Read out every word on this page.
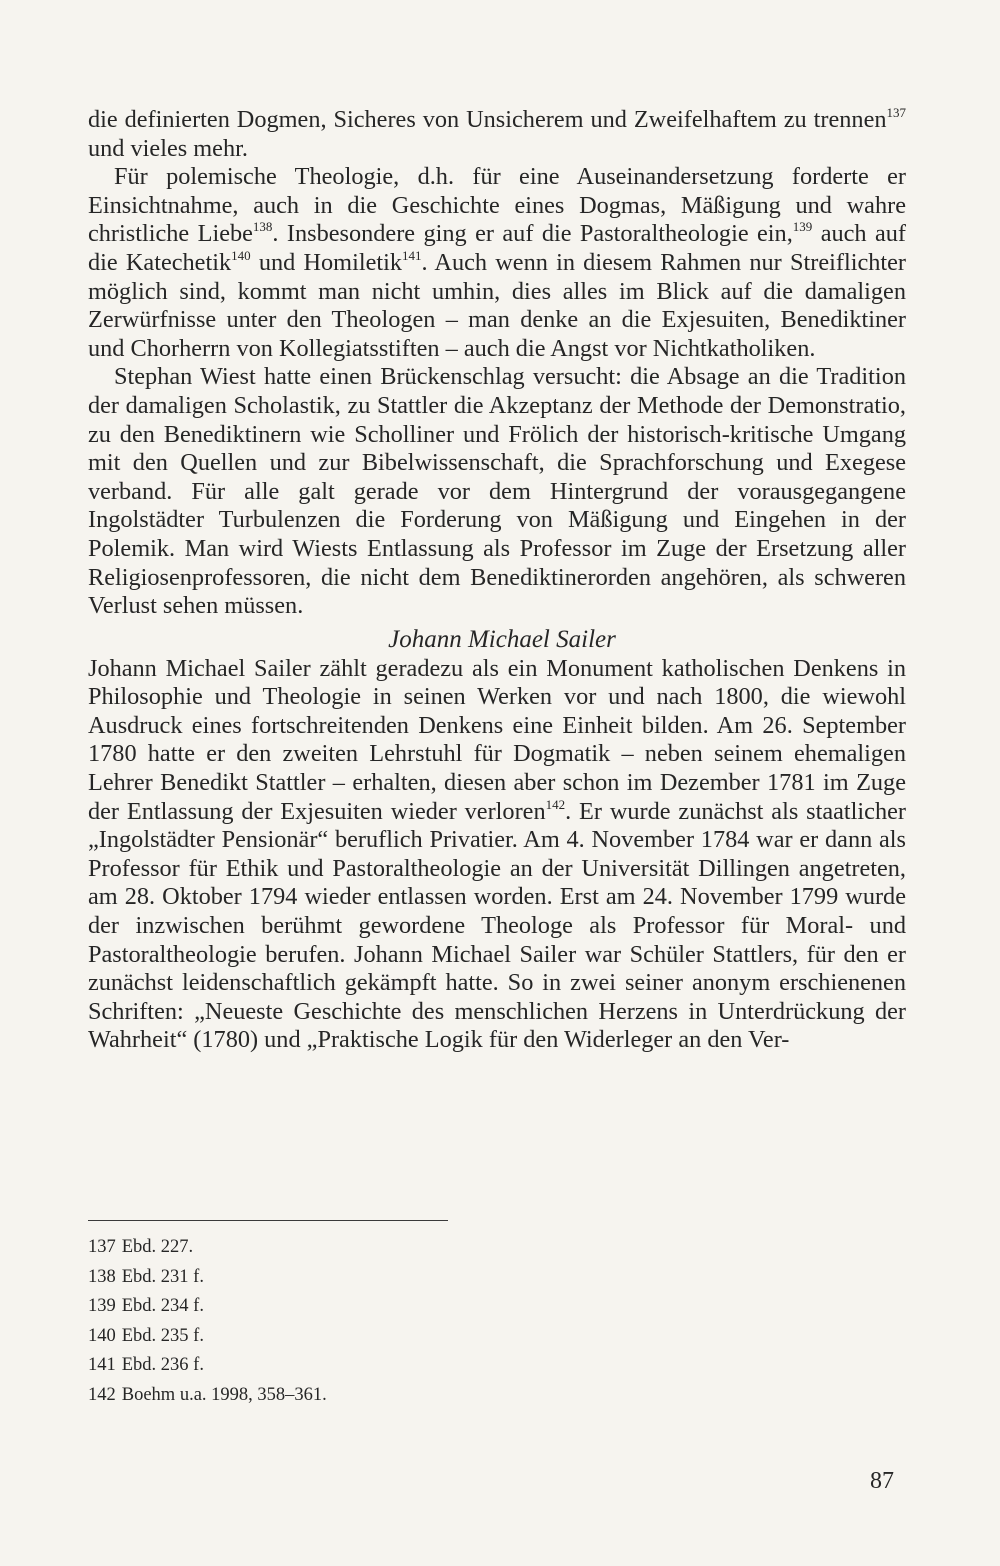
die definierten Dogmen, Sicheres von Unsicherem und Zweifelhaftem zu trennen$^{137}$ und vieles mehr.

Für polemische Theologie, d.h. für eine Auseinandersetzung forderte er Einsichtnahme, auch in die Geschichte eines Dogmas, Mäßigung und wahre christliche Liebe$^{138}$. Insbesondere ging er auf die Pastoraltheologie ein,$^{139}$ auch auf die Katechetik$^{140}$ und Homiletik$^{141}$. Auch wenn in diesem Rahmen nur Streiflichter möglich sind, kommt man nicht umhin, dies alles im Blick auf die damaligen Zerwürfnisse unter den Theologen – man denke an die Exjesuiten, Benediktiner und Chorherrn von Kollegiatsstiften – auch die Angst vor Nichtkatholiken.

Stephan Wiest hatte einen Brückenschlag versucht: die Absage an die Tradition der damaligen Scholastik, zu Stattler die Akzeptanz der Methode der Demonstratio, zu den Benediktinern wie Scholliner und Frölich der historisch-kritische Umgang mit den Quellen und zur Bibelwissenschaft, die Sprachforschung und Exegese verband. Für alle galt gerade vor dem Hintergrund der vorausgegangene Ingolstädter Turbulenzen die Forderung von Mäßigung und Eingehen in der Polemik. Man wird Wiests Entlassung als Professor im Zuge der Ersetzung aller Religiosenprofessoren, die nicht dem Benediktinerorden angehören, als schweren Verlust sehen müssen.

Johann Michael Sailer

Johann Michael Sailer zählt geradezu als ein Monument katholischen Denkens in Philosophie und Theologie in seinen Werken vor und nach 1800, die wiewohl Ausdruck eines fortschreitenden Denkens eine Einheit bilden. Am 26. September 1780 hatte er den zweiten Lehrstuhl für Dogmatik – neben seinem ehemaligen Lehrer Benedikt Stattler – erhalten, diesen aber schon im Dezember 1781 im Zuge der Entlassung der Exjesuiten wieder verloren$^{142}$. Er wurde zunächst als staatlicher „Ingolstädter Pensionär“ beruflich Privatier. Am 4. November 1784 war er dann als Professor für Ethik und Pastoraltheologie an der Universität Dillingen angetreten, am 28. Oktober 1794 wieder entlassen worden. Erst am 24. November 1799 wurde der inzwischen berühmt gewordene Theologe als Professor für Moral- und Pastoraltheologie berufen. Johann Michael Sailer war Schüler Stattlers, für den er zunächst leidenschaftlich gekämpft hatte. So in zwei seiner anonym erschienenen Schriften: „Neueste Geschichte des menschlichen Herzens in Unterdrückung der Wahrheit“ (1780) und „Praktische Logik für den Widerleger an den Ver-

137 Ebd. 227.
138 Ebd. 231 f.
139 Ebd. 234 f.
140 Ebd. 235 f.
141 Ebd. 236 f.
142 Boehm u.a. 1998, 358–361.
87
